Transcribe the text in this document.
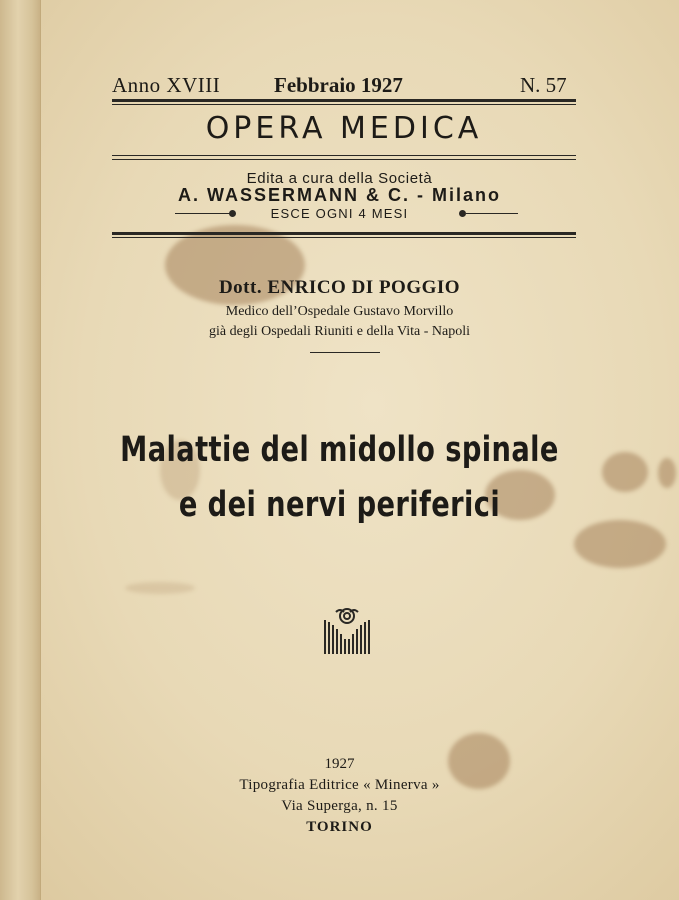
Anno XVIII	Febbraio 1927	N. 57
OPERA MEDICA
Edita a cura della Società
A. WASSERMANN & C. - Milano
ESCE OGNI 4 MESI
Dott. ENRICO DI POGGIO
Medico dell’Ospedale Gustavo Morvillo
già degli Ospedali Riuniti e della Vita - Napoli
Malattie del midollo spinale
e dei nervi periferici
1927
Tipografia Editrice « Minerva »
Via Superga, n. 15
TORINO
